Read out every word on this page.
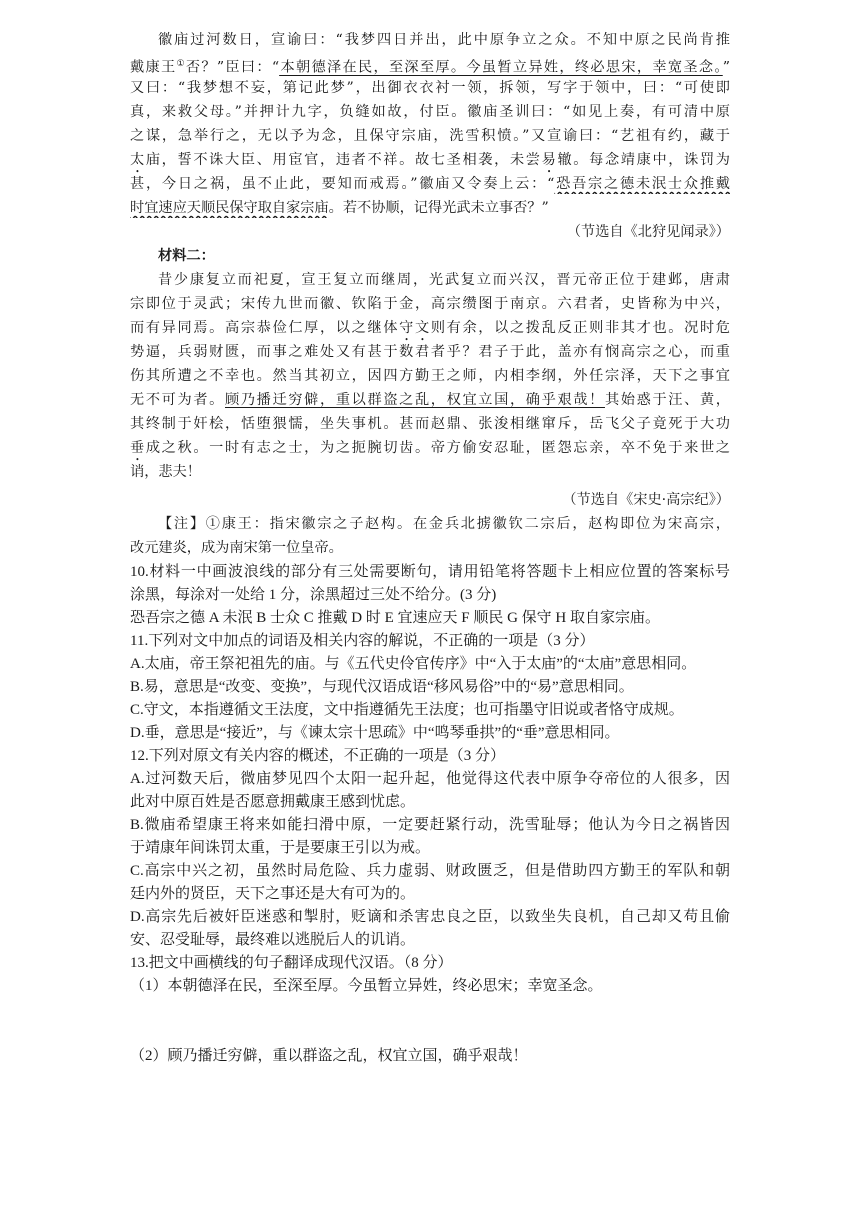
徽庙过河数日，宣谕曰：“我梦四日并出，此中原争立之众。不知中原之民尚肯推
戴康王①否？”臣曰：“本朝德泽在民，至深至厚。今虽暂立异姓，终必思宋，幸宽圣念。”
又曰：“我梦想不妄，第记此梦”，出御衣衣衬一领，拆领，写字于领中，曰：“可使即
真，来救父母。”并押计九字，负缝如故，付臣。徽庙圣训曰：“如见上奏，有可清中原
之谋，急举行之，无以予为念，且保守宗庙，洗雪积愤。”又宣谕曰：“艺祖有约，藏于
太庙，誓不诛大臣、用宦官，违者不祥。故七圣相袭，未尝易辙。每念靖康中，诛罚为
甚，今日之祸，虽不止此，要知而戒焉。”徽庙又令奏上云：“恐吾宗之德未泯士众推戴
时宜速应天顺民保守取自家宗庙。若不协顺，记得光武未立事否？”
（节选自《北狩见闻录》）
材料二：
昔少康复立而祀夏，宣王复立而继周，光武复立而兴汉，晋元帝正位于建邺，唐肃
宗即位于灵武；宋传九世而徽、钦陷于金，高宗缵图于南京。六君者，史皆称为中兴，
而有异同焉。高宗恭俭仁厚，以之继体守文则有余，以之拨乱反正则非其才也。况时危
势逼，兵弱财匮，而事之难处又有甚于数君者乎？君子于此，盖亦有悯高宗之心，而重
伤其所遭之不幸也。然当其初立，因四方勤王之师，内相李纲，外任宗泽，天下之事宜
无不可为者。顾乃播迁穷僻，重以群盗之乱，权宜立国，确乎艰哉！其始惑于汪、黄，
其终制于奸桧，恬堕猥懦，坐失事机。甚而赵鼎、张浚相继窜斥，岳飞父子竟死于大功
垂成之秋。一时有志之士，为之扼腕切齿。帝方偷安忍耻，匿怨忘亲，卒不免于来世之
诮，悲夫！
（节选自《宋史·高宗纪》）
【注】①康王：指宋徽宗之子赵构。在金兵北掳徽钦二宗后，赵构即位为宋高宗，
改元建炎，成为南宋第一位皇帝。
10.材料一中画波浪线的部分有三处需要断句，请用铅笔将答题卡上相应位置的答案标号
涂黑，每涂对一处给 1 分，涂黑超过三处不给分。(3 分)
恐吾宗之德 A 未泯 B 士众 C 推戴 D 时 E 宜速应天 F 顺民 G 保守 H 取自家宗庙。
11.下列对文中加点的词语及相关内容的解说，不正确的一项是（3 分）
A.太庙，帝王祭祀祖先的庙。与《五代史伶官传序》中“入于太庙”的“太庙”意思相同。
B.易，意思是“改变、变换”，与现代汉语成语“移风易俗”中的“易”意思相同。
C.守文，本指遵循文王法度，文中指遵循先王法度；也可指墨守旧说或者恪守成规。
D.垂，意思是“接近”，与《谏太宗十思疏》中“鸣琴垂拱”的“垂”意思相同。
12.下列对原文有关内容的概述，不正确的一项是（3 分）
A.过河数天后，微庙梦见四个太阳一起升起，他觉得这代表中原争夺帝位的人很多，因
此对中原百姓是否愿意拥戴康王感到忧虑。
B.微庙希望康王将来如能扫滑中原，一定要赶紧行动，洗雪耻辱；他认为今日之祸皆因
于靖康年间诛罚太重，于是要康王引以为戒。
C.高宗中兴之初，虽然时局危险、兵力虚弱、财政匮乏，但是借助四方勤王的军队和朝
廷内外的贤臣，天下之事还是大有可为的。
D.高宗先后被奸臣迷惑和掣肘，贬谪和杀害忠良之臣，以致坐失良机，自己却又苟且偷
安、忍受耻辱，最终难以逃脱后人的讥诮。
13.把文中画横线的句子翻译成现代汉语。（8 分）
（1）本朝德泽在民，至深至厚。今虽暂立异姓，终必思宋；幸宽圣念。
（2）顾乃播迁穷僻，重以群盗之乱，权宜立国，确乎艰哉！
